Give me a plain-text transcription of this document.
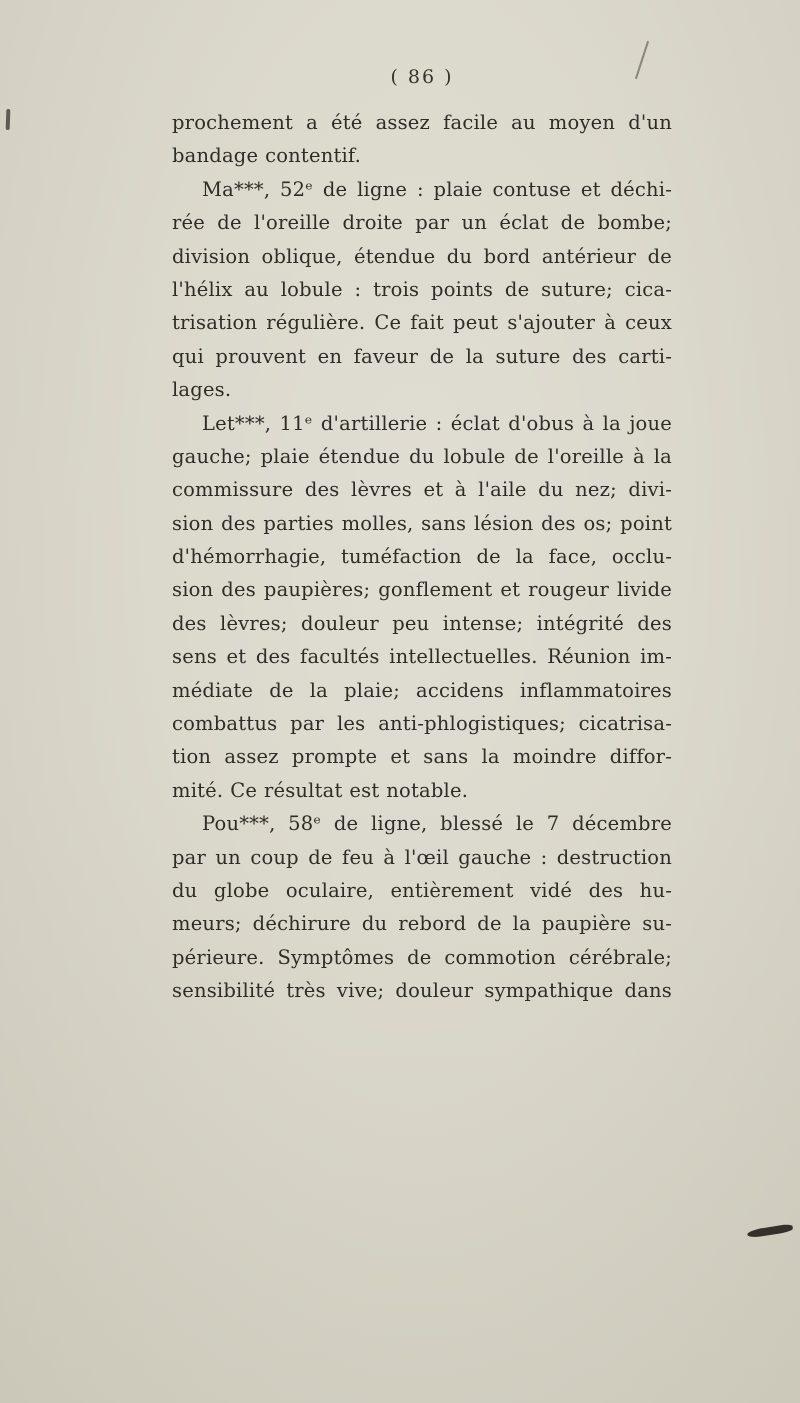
( 86 )
prochement a été assez facile au moyen d'un
bandage contentif.
Ma***, 52ᵉ de ligne : plaie contuse et déchi-
rée de l'oreille droite par un éclat de bombe;
division oblique, étendue du bord antérieur de
l'hélix au lobule : trois points de suture; cica-
trisation régulière. Ce fait peut s'ajouter à ceux
qui prouvent en faveur de la suture des carti-
lages.
Let***, 11ᵉ d'artillerie : éclat d'obus à la joue
gauche; plaie étendue du lobule de l'oreille à la
commissure des lèvres et à l'aile du nez; divi-
sion des parties molles, sans lésion des os; point
d'hémorrhagie, tuméfaction de la face, occlu-
sion des paupières; gonflement et rougeur livide
des lèvres; douleur peu intense; intégrité des
sens et des facultés intellectuelles. Réunion im-
médiate de la plaie; accidens inflammatoires
combattus par les anti-phlogistiques; cicatrisa-
tion assez prompte et sans la moindre diffor-
mité. Ce résultat est notable.
Pou***, 58ᵉ de ligne, blessé le 7 décembre
par un coup de feu à l'œil gauche : destruction
du globe oculaire, entièrement vidé des hu-
meurs; déchirure du rebord de la paupière su-
périeure. Symptômes de commotion cérébrale;
sensibilité très vive; douleur sympathique dans
